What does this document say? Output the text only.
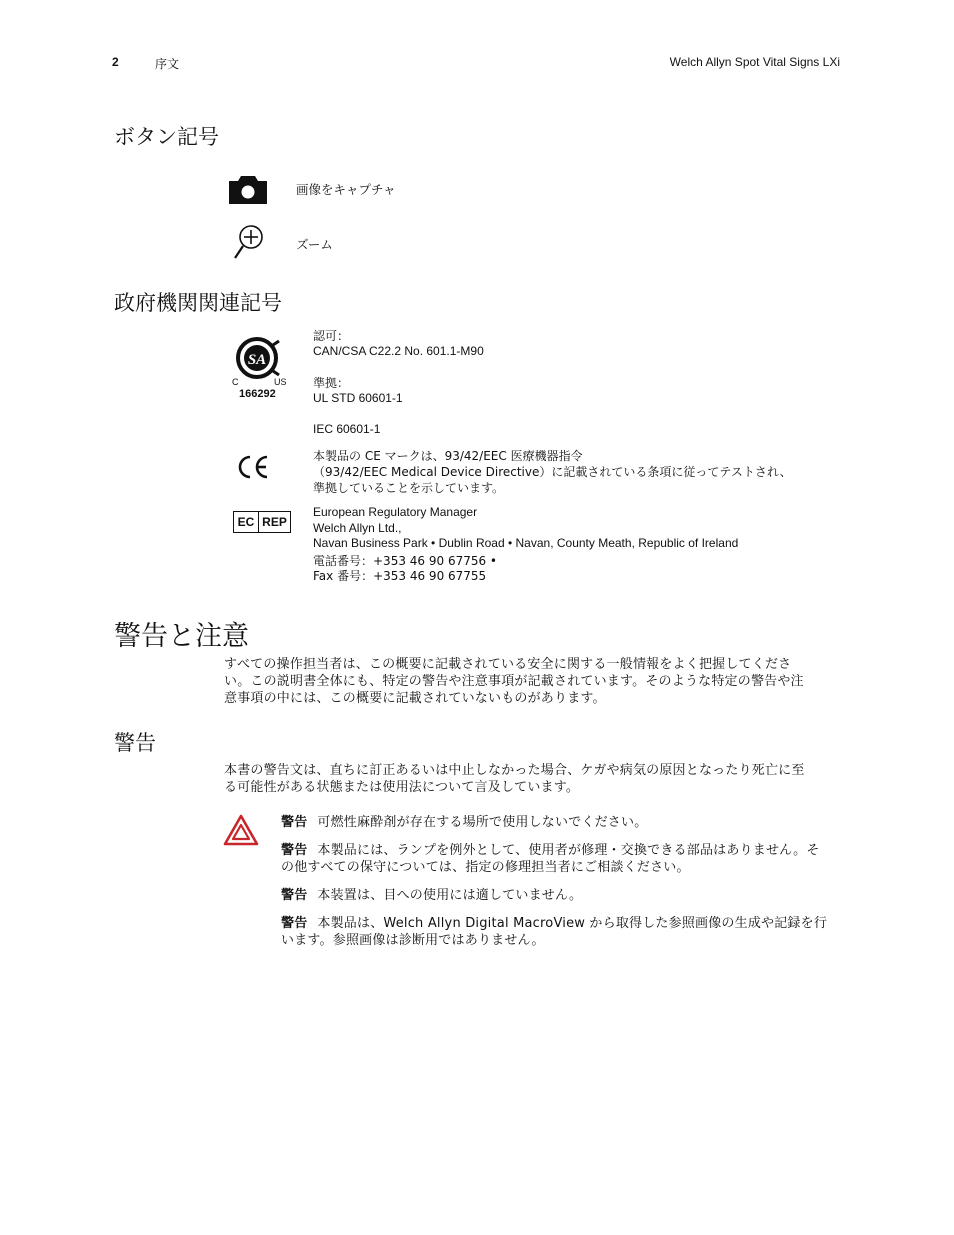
2	序文	Welch Allyn Spot Vital Signs LXi
ボタン記号
画像をキャプチャ
ズーム
政府機関関連記号
SA
C	US
166292
認可：
CAN/CSA C22.2 No. 601.1-M90
準拠：
UL STD 60601-1
IEC 60601-1
本製品の CE マークは、93/42/EEC 医療機器指令
（93/42/EEC Medical Device Directive）に記載されている条項に従ってテストされ、
準拠していることを示しています。
EC REP
European Regulatory Manager
Welch Allyn Ltd.,
Navan Business Park • Dublin Road • Navan, County Meath, Republic of Ireland
電話番号：+353 46 90 67756 •
Fax 番号：+353 46 90 67755
警告と注意
すべての操作担当者は、この概要に記載されている安全に関する一般情報をよく把握してくださ
い。この説明書全体にも、特定の警告や注意事項が記載されています。そのような特定の警告や注
意事項の中には、この概要に記載されていないものがあります。
警告
本書の警告文は、直ちに訂正あるいは中止しなかった場合、ケガや病気の原因となったり死亡に至
る可能性がある状態または使用法について言及しています。
警告 可燃性麻酔剤が存在する場所で使用しないでください。
警告 本製品には、ランプを例外として、使用者が修理・交換できる部品はありません。そ
の他すべての保守については、指定の修理担当者にご相談ください。
警告 本装置は、目への使用には適していません。
警告 本製品は、Welch Allyn Digital MacroView から取得した参照画像の生成や記録を行
います。参照画像は診断用ではありません。
